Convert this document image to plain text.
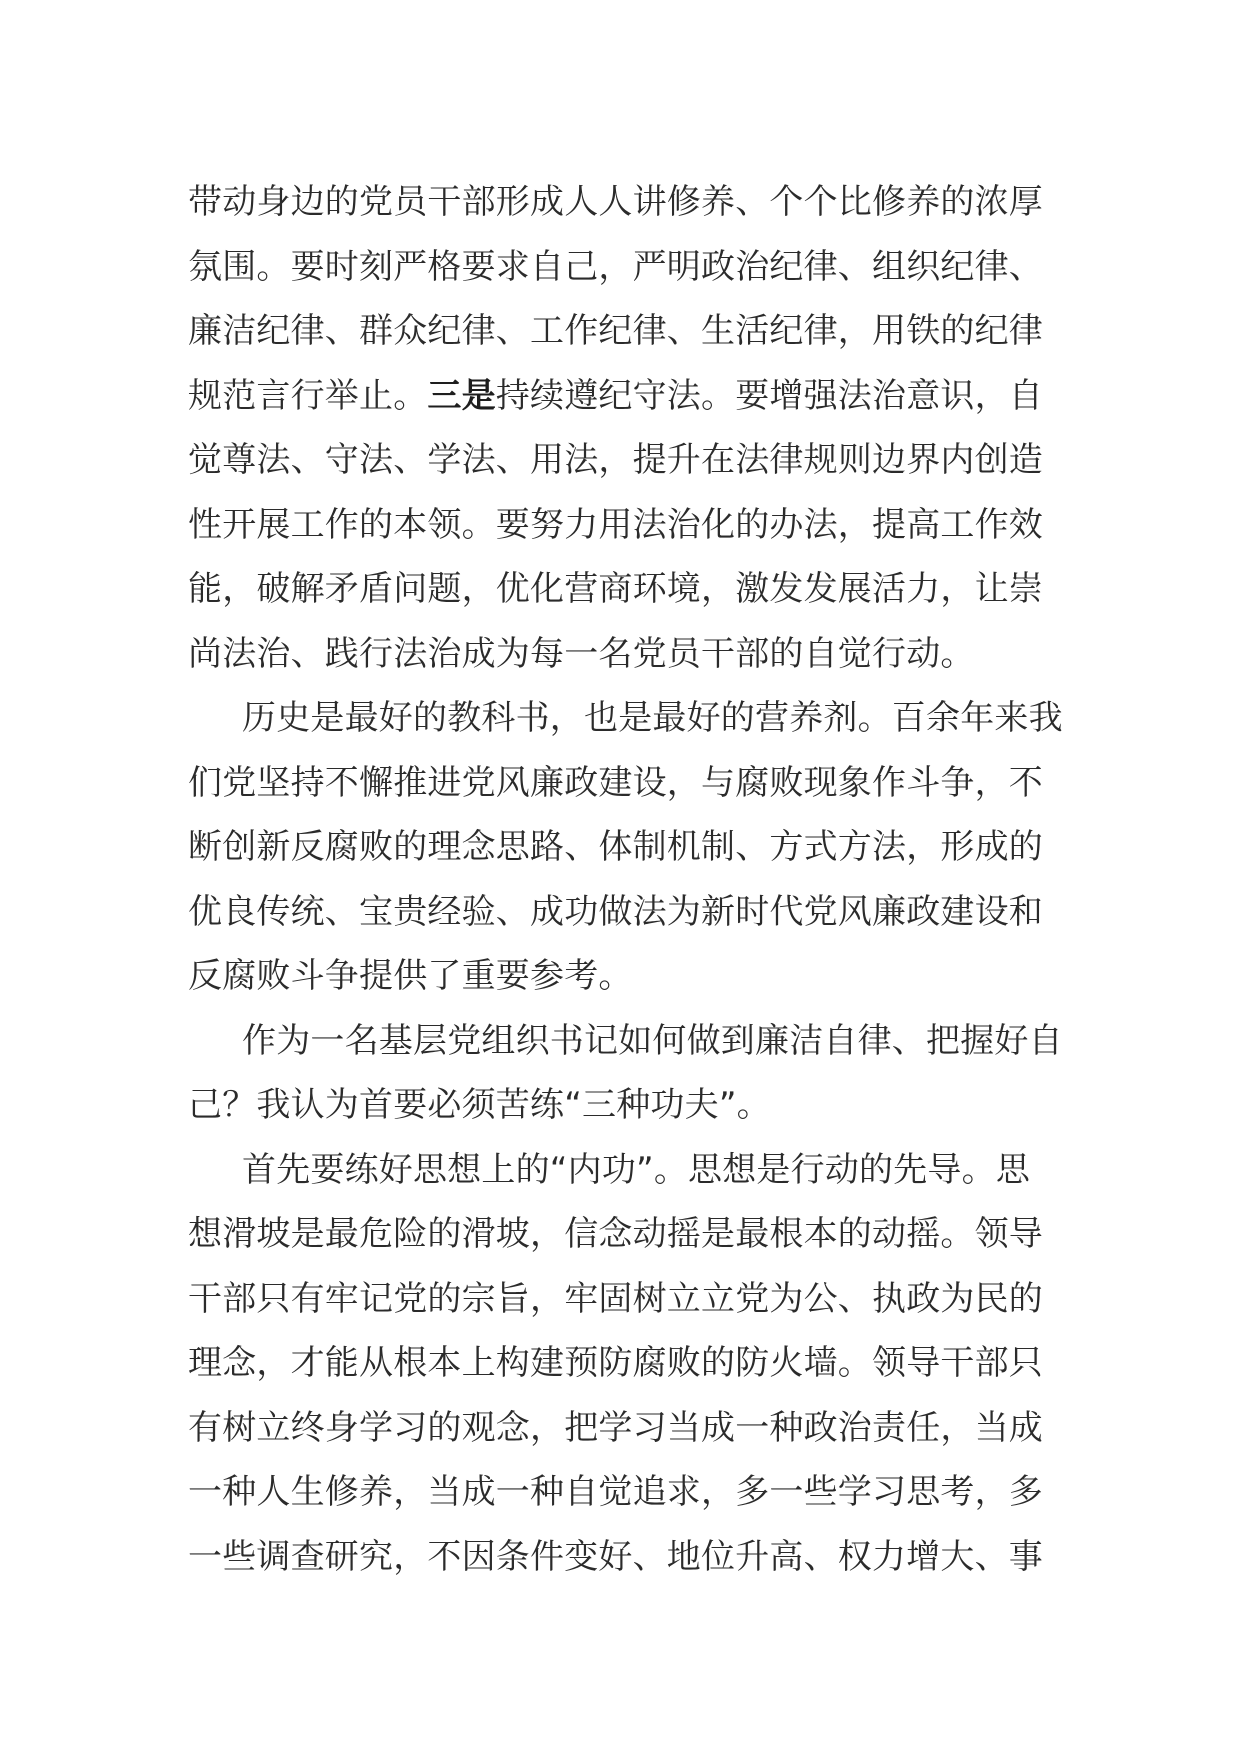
带动身边的党员干部形成人人讲修养、个个比修养的浓厚
氛围。要时刻严格要求自己，严明政治纪律、组织纪律、
廉洁纪律、群众纪律、工作纪律、生活纪律，用铁的纪律
规范言行举止。三是持续遵纪守法。要增强法治意识，自
觉尊法、守法、学法、用法，提升在法律规则边界内创造
性开展工作的本领。要努力用法治化的办法，提高工作效
能，破解矛盾问题，优化营商环境，激发发展活力，让崇
尚法治、践行法治成为每一名党员干部的自觉行动。
历史是最好的教科书，也是最好的营养剂。百余年来我
们党坚持不懈推进党风廉政建设，与腐败现象作斗争，不
断创新反腐败的理念思路、体制机制、方式方法，形成的
优良传统、宝贵经验、成功做法为新时代党风廉政建设和
反腐败斗争提供了重要参考。
作为一名基层党组织书记如何做到廉洁自律、把握好自
己？我认为首要必须苦练“三种功夫”。
首先要练好思想上的“内功”。思想是行动的先导。思
想滑坡是最危险的滑坡，信念动摇是最根本的动摇。领导
干部只有牢记党的宗旨，牢固树立立党为公、执政为民的
理念，才能从根本上构建预防腐败的防火墙。领导干部只
有树立终身学习的观念，把学习当成一种政治责任，当成
一种人生修养，当成一种自觉追求，多一些学习思考，多
一些调查研究，不因条件变好、地位升高、权力增大、事
